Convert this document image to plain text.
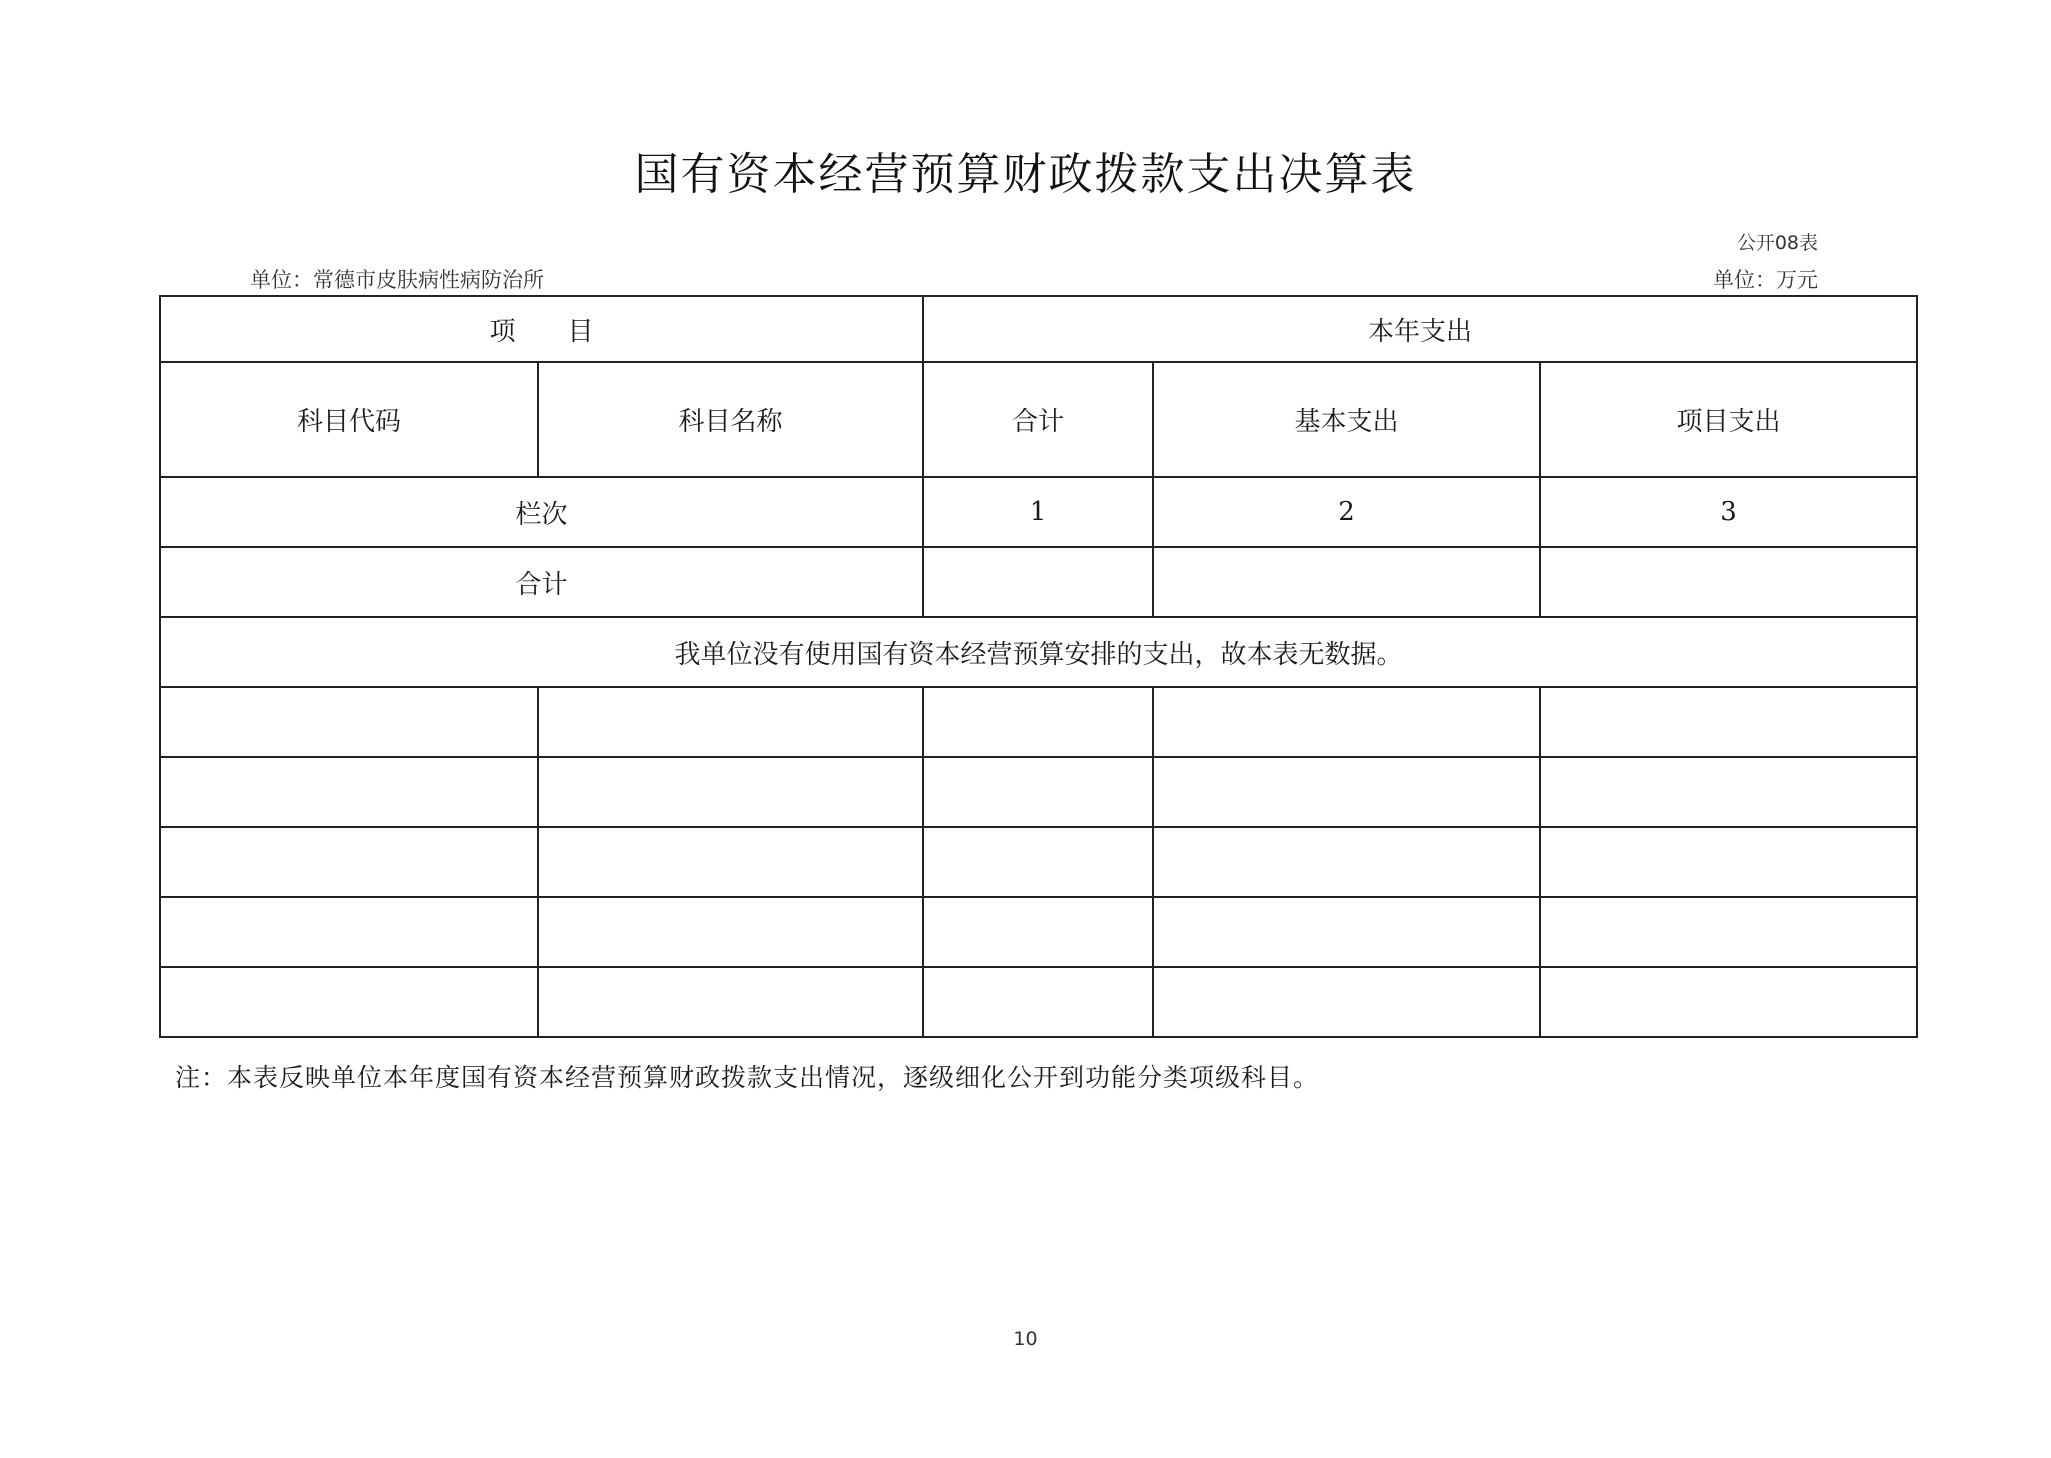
国有资本经营预算财政拨款支出决算表
公开08表
单位：常德市皮肤病性病防治所	单位：万元
项　　目		本年支出		
科目代码	科目名称	合计	基本支出	项目支出
栏次		1	2	3
合计				
我单位没有使用国有资本经营预算安排的支出，故本表无数据。				

注：本表反映单位本年度国有资本经营预算财政拨款支出情况，逐级细化公开到功能分类项级科目。
10
